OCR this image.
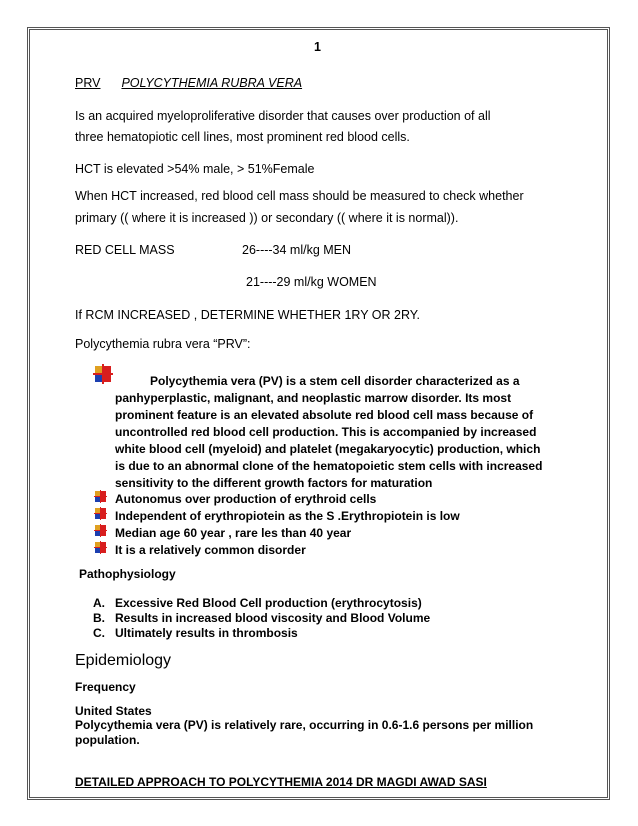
1
PRV POLYCYTHEMIA RUBRA VERA
Is an acquired myeloproliferative disorder that causes over production of all
three hematopiotic cell lines, most prominent red blood cells.
HCT is elevated >54% male, > 51%Female
When HCT increased, red blood cell mass should be measured to check whether
primary (( where it is increased )) or secondary (( where it is normal)).
RED CELL MASS	26----34 ml/kg MEN
21----29 ml/kg WOMEN
If RCM INCREASED , DETERMINE WHETHER 1RY OR 2RY.
Polycythemia rubra vera “PRV”:
Polycythemia vera (PV) is a stem cell disorder characterized as a
panhyperplastic, malignant, and neoplastic marrow disorder. Its most
prominent feature is an elevated absolute red blood cell mass because of
uncontrolled red blood cell production. This is accompanied by increased
white blood cell (myeloid) and platelet (megakaryocytic) production, which
is due to an abnormal clone of the hematopoietic stem cells with increased
sensitivity to the different growth factors for maturation
Autonomus over production of erythroid cells
Independent of erythropiotein as the S .Erythropiotein is low
Median age 60 year , rare les than 40 year
It is a relatively common disorder
Pathophysiology
A. Excessive Red Blood Cell production (erythrocytosis)
B. Results in increased blood viscosity and Blood Volume
C. Ultimately results in thrombosis
Epidemiology
Frequency
United States
Polycythemia vera (PV) is relatively rare, occurring in 0.6-1.6 persons per million
population.
DETAILED APPROACH TO POLYCYTHEMIA 2014 DR MAGDI AWAD SASI
